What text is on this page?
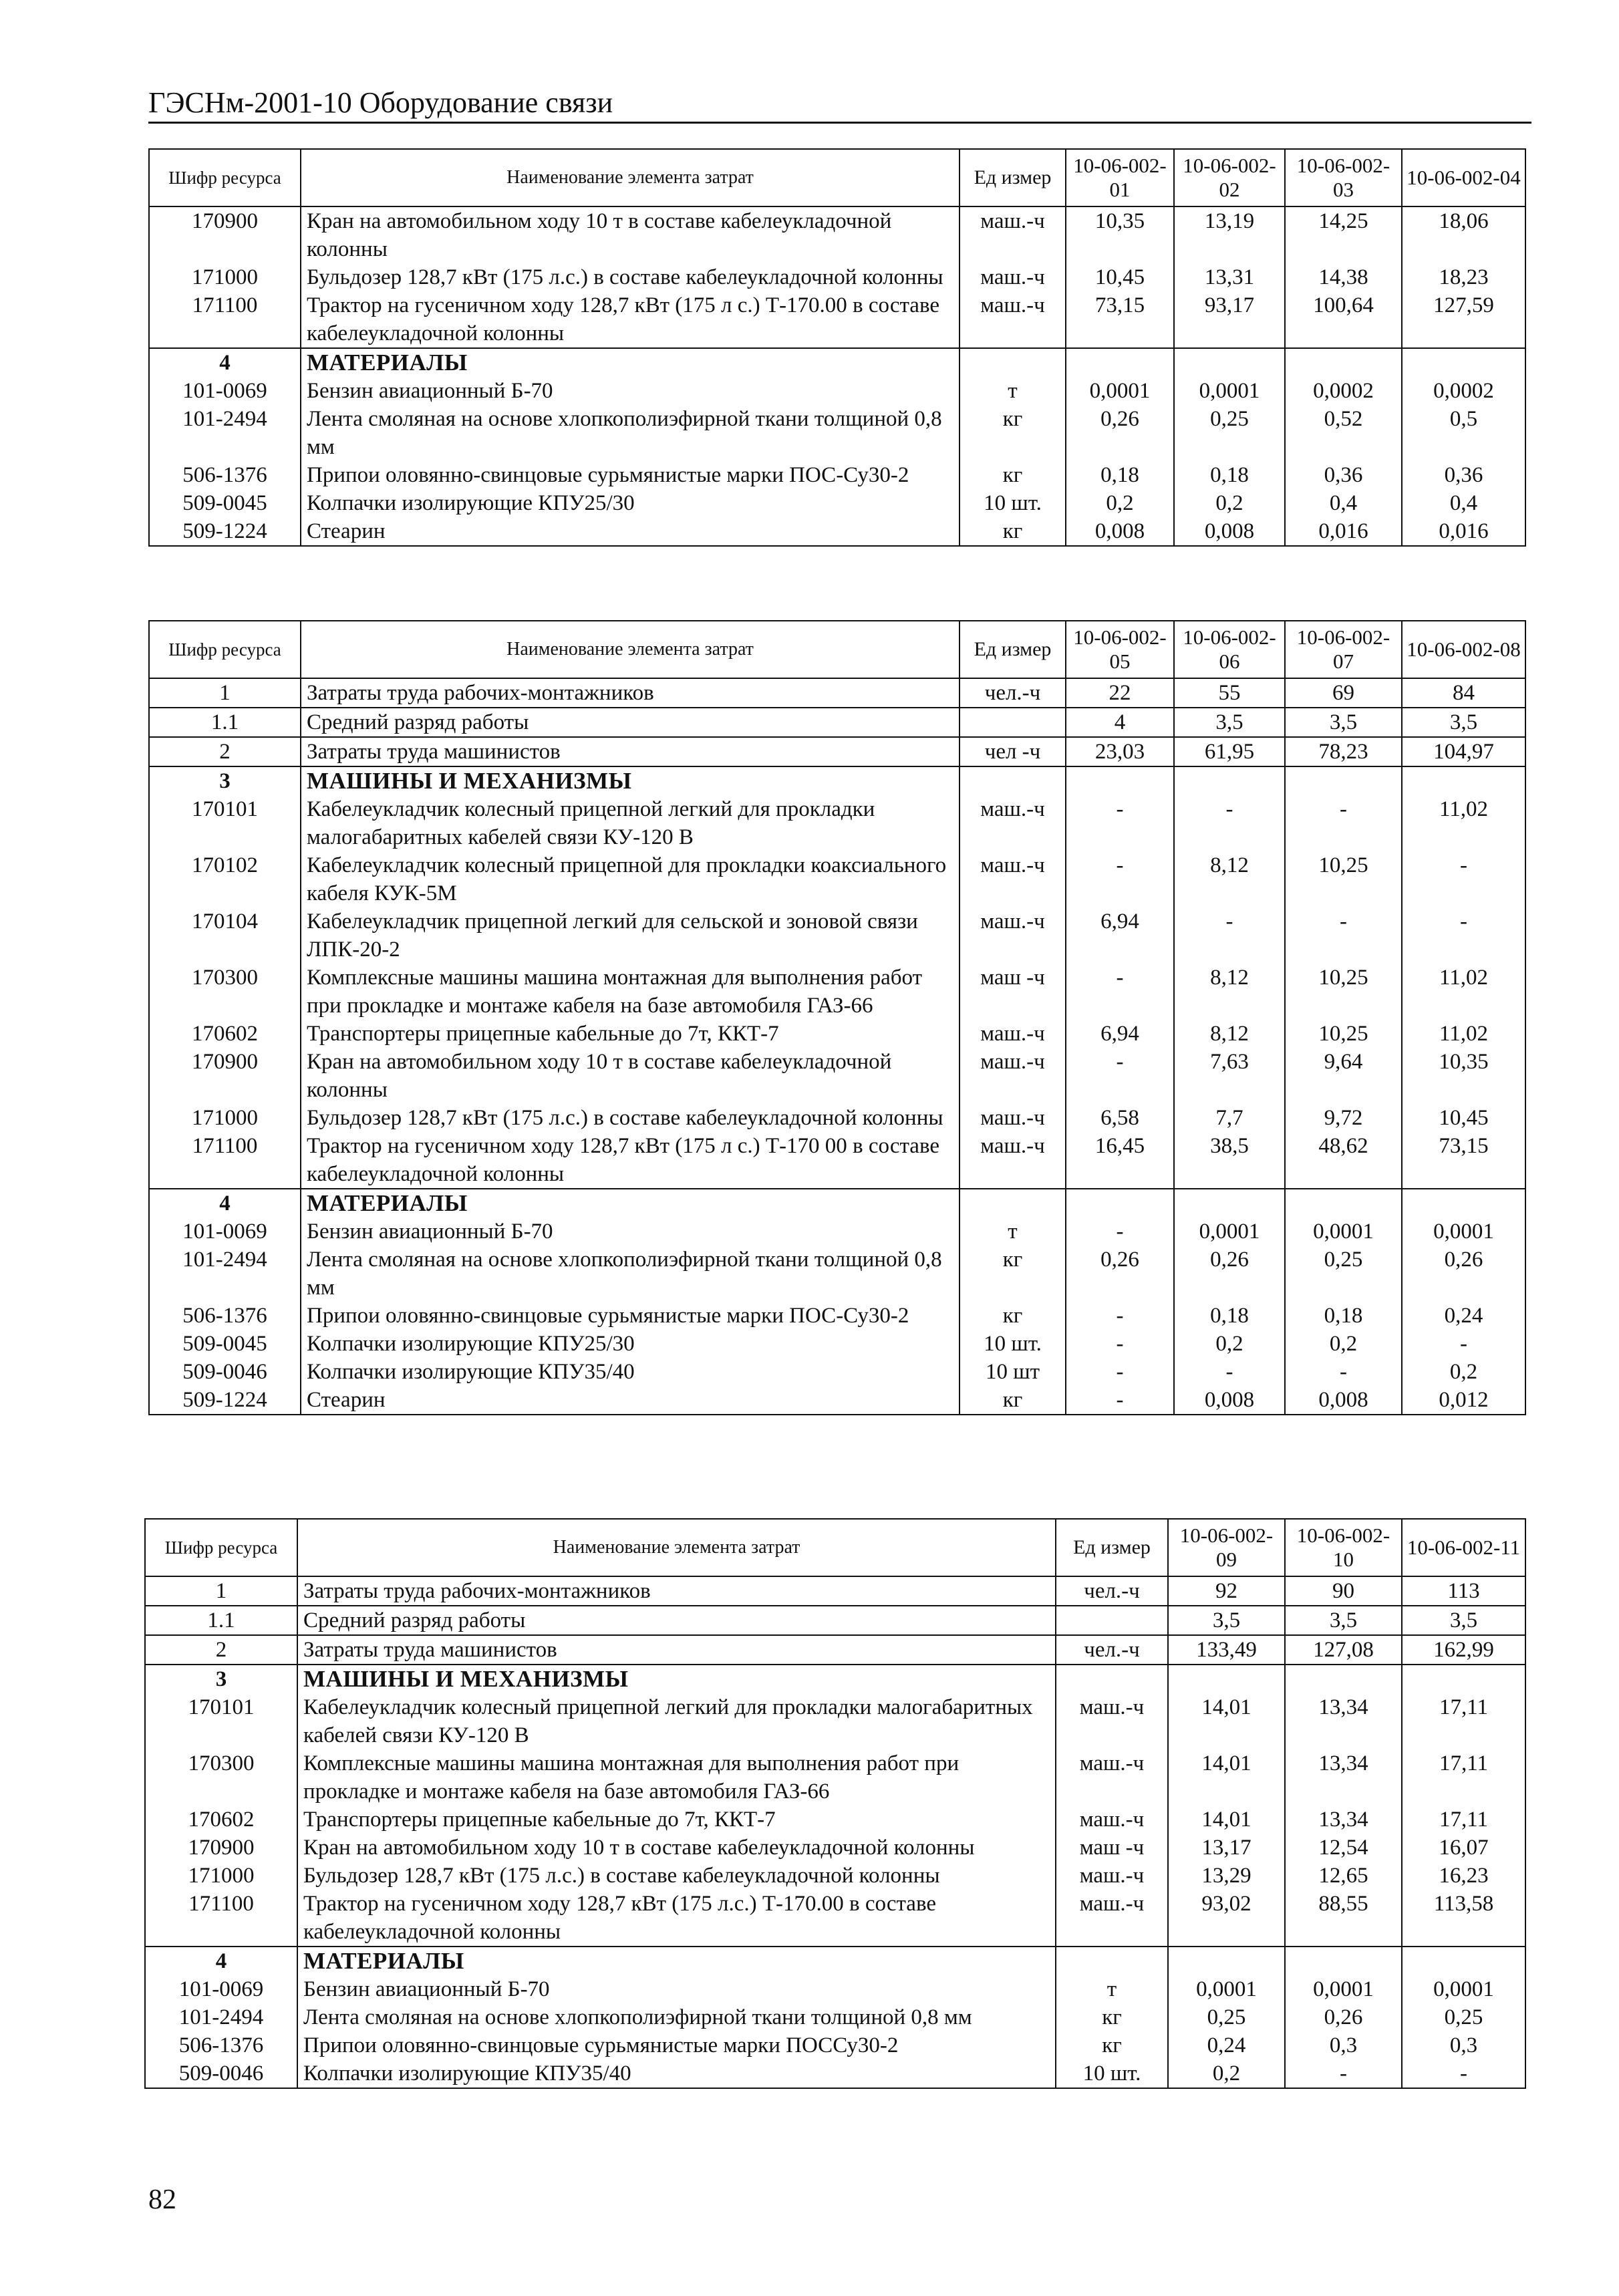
ГЭСНм-2001-10 Оборудование связи
Шифр ресурса	Наименование элемента затрат	Ед измер	10-06-002-01	10-06-002-02	10-06-002-03	10-06-002-04
170900	Кран на автомобильном ходу 10 т в составе кабелеукладочной колонны	маш.-ч	10,35	13,19	14,25	18,06
171000	Бульдозер 128,7 кВт (175 л.с.) в составе кабелеукладочной колонны	маш.-ч	10,45	13,31	14,38	18,23
171100	Трактор на гусеничном ходу 128,7 кВт (175 л с.) Т-170.00 в составе кабелеукладочной колонны	маш.-ч	73,15	93,17	100,64	127,59
4	МАТЕРИАЛЫ					
101-0069	Бензин авиационный Б-70	т	0,0001	0,0001	0,0002	0,0002
101-2494	Лента смоляная на основе хлопкополиэфирной ткани толщиной 0,8 мм	кг	0,26	0,25	0,52	0,5
506-1376	Припои оловянно-свинцовые сурьмянистые марки ПОС-Су30-2	кг	0,18	0,18	0,36	0,36
509-0045	Колпачки изолирующие КПУ25/30	10 шт.	0,2	0,2	0,4	0,4
509-1224	Стеарин	кг	0,008	0,008	0,016	0,016
Шифр ресурса	Наименование элемента затрат	Ед измер	10-06-002-05	10-06-002-06	10-06-002-07	10-06-002-08
1	Затраты труда рабочих-монтажников	чел.-ч	22	55	69	84
1.1	Средний разряд работы		4	3,5	3,5	3,5
2	Затраты труда машинистов	чел -ч	23,03	61,95	78,23	104,97
3	МАШИНЫ И МЕХАНИЗМЫ					
170101	Кабелеукладчик колесный прицепной легкий для прокладки малогабаритных кабелей связи КУ-120 В	маш.-ч	-	-	-	11,02
170102	Кабелеукладчик колесный прицепной для прокладки коаксиального кабеля КУК-5М	маш.-ч	-	8,12	10,25	-
170104	Кабелеукладчик прицепной легкий для сельской и зоновой связи ЛПК-20-2	маш.-ч	6,94	-	-	-
170300	Комплексные машины машина монтажная для выполнения работ при прокладке и монтаже кабеля на базе автомобиля ГАЗ-66	маш -ч	-	8,12	10,25	11,02
170602	Транспортеры прицепные кабельные до 7т, ККТ-7	маш.-ч	6,94	8,12	10,25	11,02
170900	Кран на автомобильном ходу 10 т в составе кабелеукладочной колонны	маш.-ч	-	7,63	9,64	10,35
171000	Бульдозер 128,7 кВт (175 л.с.) в составе кабелеукладочной колонны	маш.-ч	6,58	7,7	9,72	10,45
171100	Трактор на гусеничном ходу 128,7 кВт (175 л с.) Т-170 00 в составе кабелеукладочной колонны	маш.-ч	16,45	38,5	48,62	73,15
4	МАТЕРИАЛЫ					
101-0069	Бензин авиационный Б-70	т	-	0,0001	0,0001	0,0001
101-2494	Лента смоляная на основе хлопкополиэфирной ткани толщиной 0,8 мм	кг	0,26	0,26	0,25	0,26
506-1376	Припои оловянно-свинцовые сурьмянистые марки ПОС-Су30-2	кг	-	0,18	0,18	0,24
509-0045	Колпачки изолирующие КПУ25/30	10 шт.	-	0,2	0,2	-
509-0046	Колпачки изолирующие КПУ35/40	10 шт	-	-	-	0,2
509-1224	Стеарин	кг	-	0,008	0,008	0,012
Шифр ресурса	Наименование элемента затрат	Ед измер	10-06-002-09	10-06-002-10	10-06-002-11
1	Затраты труда рабочих-монтажников	чел.-ч	92	90	113
1.1	Средний разряд работы		3,5	3,5	3,5
2	Затраты труда машинистов	чел.-ч	133,49	127,08	162,99
3	МАШИНЫ И МЕХАНИЗМЫ				
170101	Кабелеукладчик колесный прицепной легкий для прокладки малогабаритных кабелей связи КУ-120 В	маш.-ч	14,01	13,34	17,11
170300	Комплексные машины машина монтажная для выполнения работ при прокладке и монтаже кабеля на базе автомобиля ГАЗ-66	маш.-ч	14,01	13,34	17,11
170602	Транспортеры прицепные кабельные до 7т, ККТ-7	маш.-ч	14,01	13,34	17,11
170900	Кран на автомобильном ходу 10 т в составе кабелеукладочной колонны	маш -ч	13,17	12,54	16,07
171000	Бульдозер 128,7 кВт (175 л.с.) в составе кабелеукладочной колонны	маш.-ч	13,29	12,65	16,23
171100	Трактор на гусеничном ходу 128,7 кВт (175 л.с.) Т-170.00 в составе кабелеукладочной колонны	маш.-ч	93,02	88,55	113,58
4	МАТЕРИАЛЫ				
101-0069	Бензин авиационный Б-70	т	0,0001	0,0001	0,0001
101-2494	Лента смоляная на основе хлопкополиэфирной ткани толщиной 0,8 мм	кг	0,25	0,26	0,25
506-1376	Припои оловянно-свинцовые сурьмянистые марки ПОССу30-2	кг	0,24	0,3	0,3
509-0046	Колпачки изолирующие КПУ35/40	10 шт.	0,2	-	-
82
